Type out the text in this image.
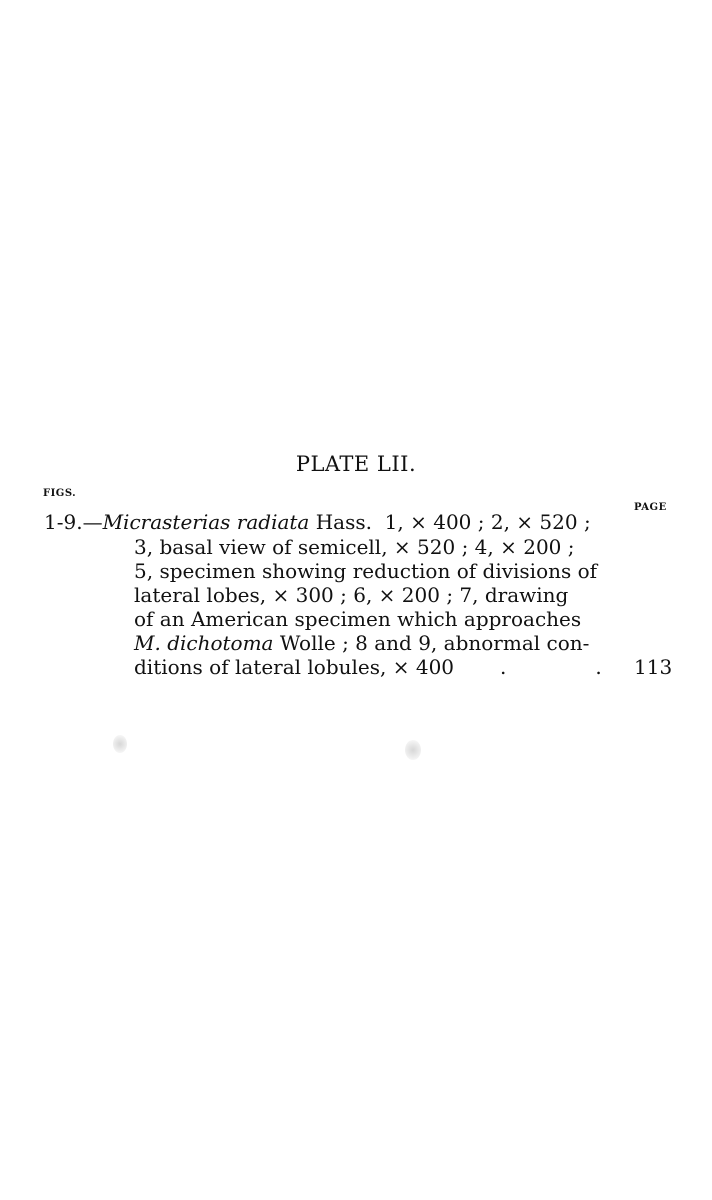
PLATE LII.
FIGS.
PAGE
1-9.—Micrasterias radiata Hass.  1, × 400 ; 2, × 520 ;
3, basal view of semicell, × 520 ; 4, × 200 ;
5, specimen showing reduction of divisions of
lateral lobes, × 300 ; 6, × 200 ; 7, drawing
of an American specimen which approaches
M. dichotoma Wolle ; 8 and 9, abnormal con-
ditions of lateral lobules, × 400 .              . 113
